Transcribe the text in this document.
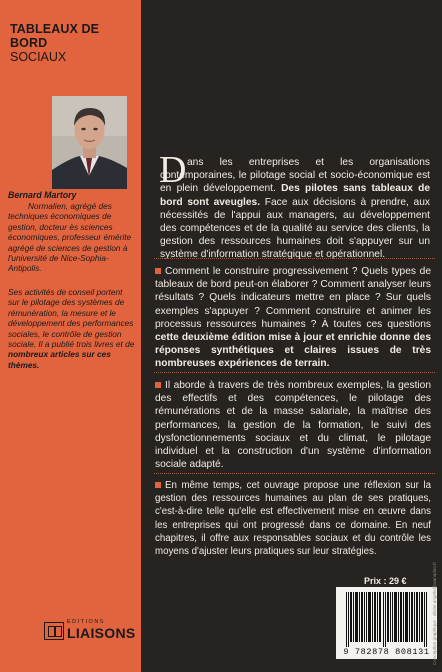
TABLEAUX DE BORD
SOCIAUX
Bernard Martory
Normalien, agrégé des techniques économiques de gestion, docteur ès sciences économiques, professeur émérite agrégé de sciences de gestion à l'université de Nice-Sophia-Antipolis.
Ses activités de conseil portent sur le pilotage des systèmes de rémunération, la mesure et le développement des performances sociales, le contrôle de gestion sociale. Il a publié trois livres et de nombreux articles sur ces thèmes.
EDITIONS
LIAISONS
D ans les entreprises et les organisations contemporaines, le pilotage social et socio-économique est en plein développement. Des pilotes sans tableaux de bord sont aveugles. Face aux décisions à prendre, aux nécessités de l'appui aux managers, au développement des compétences et de la qualité au service des clients, la gestion des ressources humaines doit s'appuyer sur un système d'information stratégique et opérationnel.

Comment le construire progressivement ? Quels types de tableaux de bord peut-on élaborer ? Comment analyser leurs résultats ? Quels indicateurs mettre en place ? Sur quels exemples s'appuyer ? Comment construire et animer les processus ressources humaines ? À toutes ces questions cette deuxième édition mise à jour et enrichie donne des réponses synthétiques et claires issues de très nombreuses expériences de terrain.

Il aborde à travers de très nombreux exemples, la gestion des effectifs et des compétences, le pilotage des rémunérations et de la masse salariale, la maîtrise des performances, la gestion de la formation, le suivi des dysfonctionnements sociaux et du climat, le pilotage individuel et la construction d'un système d'information sociale adapté.

En même temps, cet ouvrage propose une réflexion sur la gestion des ressources humaines au plan de ses pratiques, c'est-à-dire telle qu'elle est effectivement mise en œuvre dans les entreprises qui ont progressé dans ce domaine. En neuf chapitres, il offre aux responsables sociaux et du contrôle les moyens d'ajuster leurs pratiques sur leur stratégies.

Prix : 29 €
9 782878 808131 Conception graphique : olivier.angelo@wanadoo.fr
